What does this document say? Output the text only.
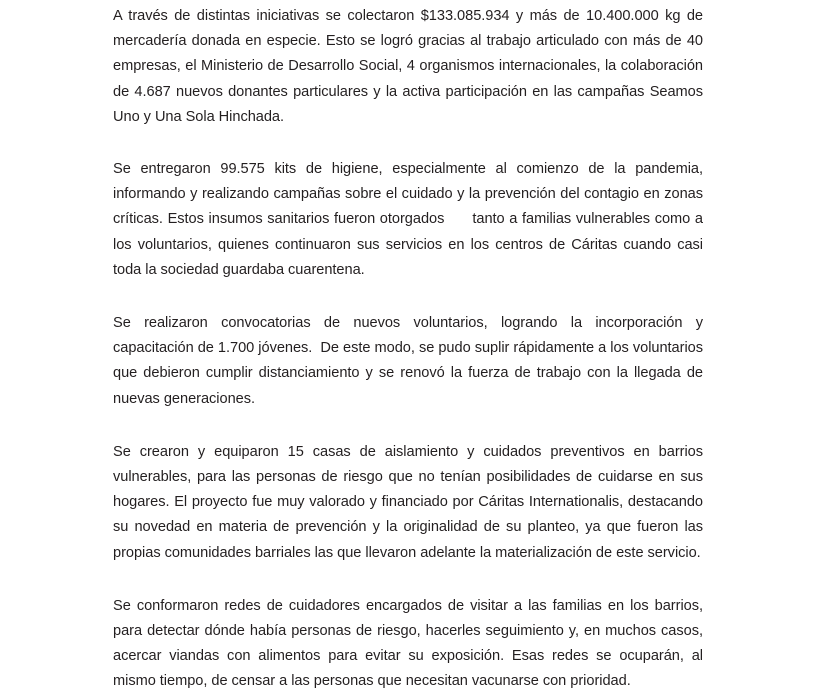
A través de distintas iniciativas se colectaron $133.085.934 y más de 10.400.000 kg de mercadería donada en especie. Esto se logró gracias al trabajo articulado con más de 40 empresas, el Ministerio de Desarrollo Social, 4 organismos internacionales, la colaboración de 4.687 nuevos donantes particulares y la activa participación en las campañas Seamos Uno y Una Sola Hinchada.

Se entregaron 99.575 kits de higiene, especialmente al comienzo de la pandemia, informando y realizando campañas sobre el cuidado y la prevención del contagio en zonas críticas. Estos insumos sanitarios fueron otorgados      tanto a familias vulnerables como a los voluntarios, quienes continuaron sus servicios en los centros de Cáritas cuando casi toda la sociedad guardaba cuarentena.

Se realizaron convocatorias de nuevos voluntarios, logrando la incorporación y capacitación de 1.700 jóvenes.  De este modo, se pudo suplir rápidamente a los voluntarios que debieron cumplir distanciamiento y se renovó la fuerza de trabajo con la llegada de nuevas generaciones.

Se crearon y equiparon 15 casas de aislamiento y cuidados preventivos en barrios vulnerables, para las personas de riesgo que no tenían posibilidades de cuidarse en sus hogares. El proyecto fue muy valorado y financiado por Cáritas Internationalis, destacando su novedad en materia de prevención y la originalidad de su planteo, ya que fueron las propias comunidades barriales las que llevaron adelante la materialización de este servicio.

Se conformaron redes de cuidadores encargados de visitar a las familias en los barrios, para detectar dónde había personas de riesgo, hacerles seguimiento y, en muchos casos, acercar viandas con alimentos para evitar su exposición. Esas redes se ocuparán, al mismo tiempo, de censar a las personas que necesitan vacunarse con prioridad.
